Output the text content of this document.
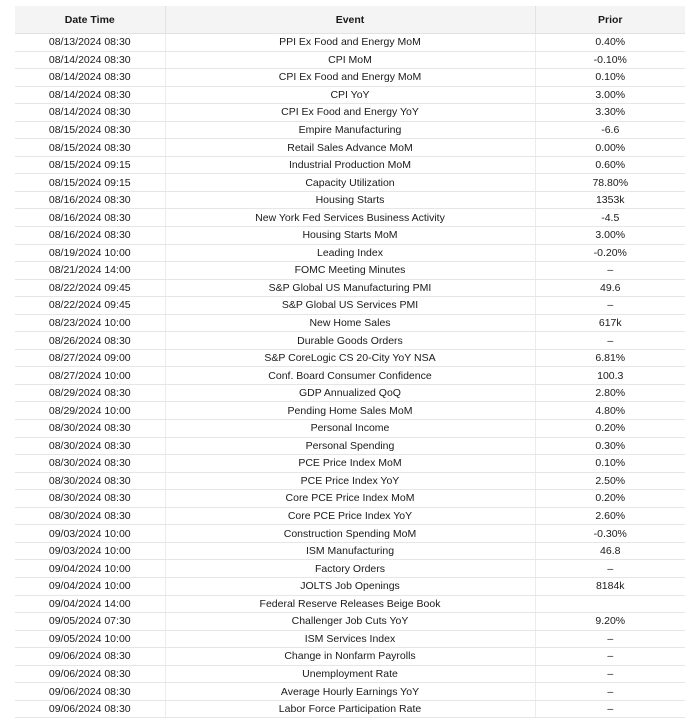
Date Time	Event	Prior
08/13/2024 08:30	PPI Ex Food and Energy MoM	0.40%
08/14/2024 08:30	CPI MoM	-0.10%
08/14/2024 08:30	CPI Ex Food and Energy MoM	0.10%
08/14/2024 08:30	CPI YoY	3.00%
08/14/2024 08:30	CPI Ex Food and Energy YoY	3.30%
08/15/2024 08:30	Empire Manufacturing	-6.6
08/15/2024 08:30	Retail Sales Advance MoM	0.00%
08/15/2024 09:15	Industrial Production MoM	0.60%
08/15/2024 09:15	Capacity Utilization	78.80%
08/16/2024 08:30	Housing Starts	1353k
08/16/2024 08:30	New York Fed Services Business Activity	-4.5
08/16/2024 08:30	Housing Starts MoM	3.00%
08/19/2024 10:00	Leading Index	-0.20%
08/21/2024 14:00	FOMC Meeting Minutes	–
08/22/2024 09:45	S&P Global US Manufacturing PMI	49.6
08/22/2024 09:45	S&P Global US Services PMI	–
08/23/2024 10:00	New Home Sales	617k
08/26/2024 08:30	Durable Goods Orders	–
08/27/2024 09:00	S&P CoreLogic CS 20-City YoY NSA	6.81%
08/27/2024 10:00	Conf. Board Consumer Confidence	100.3
08/29/2024 08:30	GDP Annualized QoQ	2.80%
08/29/2024 10:00	Pending Home Sales MoM	4.80%
08/30/2024 08:30	Personal Income	0.20%
08/30/2024 08:30	Personal Spending	0.30%
08/30/2024 08:30	PCE Price Index MoM	0.10%
08/30/2024 08:30	PCE Price Index YoY	2.50%
08/30/2024 08:30	Core PCE Price Index MoM	0.20%
08/30/2024 08:30	Core PCE Price Index YoY	2.60%
09/03/2024 10:00	Construction Spending MoM	-0.30%
09/03/2024 10:00	ISM Manufacturing	46.8
09/04/2024 10:00	Factory Orders	–
09/04/2024 10:00	JOLTS Job Openings	8184k
09/04/2024 14:00	Federal Reserve Releases Beige Book	
09/05/2024 07:30	Challenger Job Cuts YoY	9.20%
09/05/2024 10:00	ISM Services Index	–
09/06/2024 08:30	Change in Nonfarm Payrolls	–
09/06/2024 08:30	Unemployment Rate	–
09/06/2024 08:30	Average Hourly Earnings YoY	–
09/06/2024 08:30	Labor Force Participation Rate	–
